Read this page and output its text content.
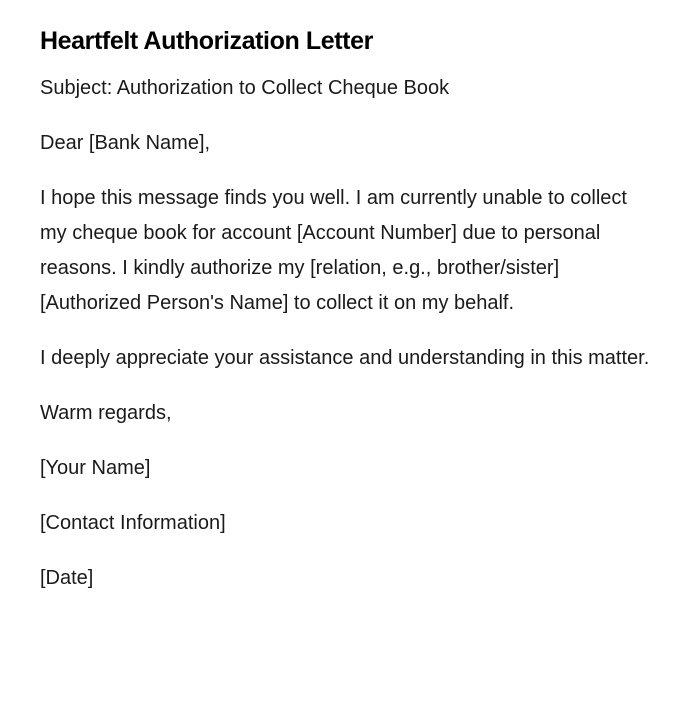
Heartfelt Authorization Letter

Subject: Authorization to Collect Cheque Book

Dear [Bank Name],

I hope this message finds you well. I am currently unable to collect my cheque book for account [Account Number] due to personal reasons. I kindly authorize my [relation, e.g., brother/sister] [Authorized Person's Name] to collect it on my behalf.

I deeply appreciate your assistance and understanding in this matter.

Warm regards,

[Your Name]

[Contact Information]

[Date]
